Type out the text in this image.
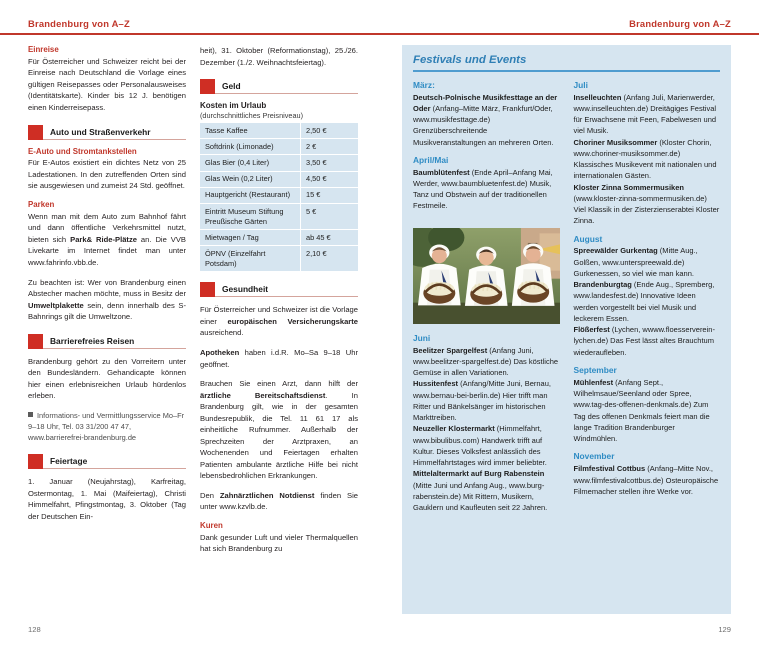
Brandenburg von A–Z
Einreise

Für Österreicher und Schweizer reicht bei der Einreise nach Deutschland die Vorlage eines gültigen Reisepasses oder Personalausweises (Identitätskarte). Kinder bis 12 J. benötigen einen Kinderreisepass.

Auto und Straßenverkehr
E-Auto und Stromtankstellen

Für E-Autos existiert ein dichtes Netz von 25 Ladestationen. In den zutreffenden Orten sind sie ausgewiesen und zumeist 24 Std. geöffnet.

Parken

Wenn man mit dem Auto zum Bahnhof fährt und dann öffentliche Verkehrsmittel nutzt, bieten sich Park& Ride-Plätze an. Die VVB Livekarte im Internet findet man unter www.fahrinfo.vbb.de.

Zu beachten ist: Wer von Brandenburg einen Abstecher machen möchte, muss in Besitz der Umweltplakette sein, denn innerhalb des S-Bahnrings gilt die Umweltzone.

Barrierefreies Reisen

Brandenburg gehört zu den Vorreitern unter den Bundesländern. Gehandicapte können hier einen erlebnisreichen Urlaub hürdenlos erleben.

Informations- und Vermittlungsservice Mo–Fr 9–18 Uhr, Tel. 03 31/200 47 47, www.barrierefrei-brandenburg.de

Feiertage

1. Januar (Neujahrstag), Karfreitag, Ostermontag, 1. Mai (Maifeiertag), Christi Himmelfahrt, Pfingstmontag, 3. Oktober (Tag der Deutschen Ein-

heit), 31. Oktober (Reformationstag), 25./26. Dezember (1./2. Weihnachtsfeiertag).

Geld
Kosten im Urlaub
(durchschnittliches Preisniveau)
Tasse Kaffee	2,50 €
Softdrink (Limonade)	2 €
Glas Bier (0,4 Liter)	3,50 €
Glas Wein (0,2 Liter)	4,50 €
Hauptgericht (Restaurant)	15 €
Eintritt Museum Stiftung Preußische Gärten	5 €
Mietwagen / Tag	ab 45 €
ÖPNV (Einzelfahrt Potsdam)	2,10 €
Gesundheit

Für Österreicher und Schweizer ist die Vorlage einer europäischen Versicherungskarte ausreichend.

Apotheken haben i.d.R. Mo–Sa 9–18 Uhr geöffnet.

Brauchen Sie einen Arzt, dann hilft der ärztliche Bereitschaftsdienst. In Brandenburg gilt, wie in der gesamten Bundesrepublik, die Tel. 11 61 17 als einheitliche Rufnummer. Außerhalb der Sprechzeiten der Arztpraxen, an Wochenenden und Feiertagen erhalten Patienten ambulante ärztliche Hilfe bei nicht lebensbedrohlichen Erkrankungen.

Den Zahnärztlichen Notdienst finden Sie unter www.kzvlb.de.

Kuren

Dank gesunder Luft und vieler Thermalquellen hat sich Brandenburg zu

128
Brandenburg von A–Z
Festivals und Events
März:

Deutsch-Polnische Musikfesttage an der Oder (Anfang–Mitte März, Frankfurt/Oder, www.musikfesttage.de) Grenzüberschreitende Musikveranstaltungen an mehreren Orten.

April/Mai

Baumblütenfest (Ende April–Anfang Mai, Werder, www.baumbluetenfest.de) Musik, Tanz und Obstwein auf der traditionellen Festmeile.

Juni

Beelitzer Spargelfest (Anfang Juni, www.beelitzer-spargelfest.de) Das köstliche Gemüse in allen Variationen.

Hussitenfest (Anfang/Mitte Juni, Bernau, www.bernau-bei-berlin.de) Hier trifft man Ritter und Bänkelsänger im historischen Markttreiben.

Neuzeller Klostermarkt (Himmelfahrt, www.bibulibus.com) Handwerk trifft auf Kultur. Dieses Volksfest anlässlich des Himmelfahrtstages wird immer beliebter.

Mittelaltermarkt auf Burg Rabenstein (Mitte Juni und Anfang Aug., www.burg-rabenstein.de) Mit Rittern, Musikern, Gauklern und Kaufleuten seit 22 Jahren.

Juli

Inselleuchten (Anfang Juli, Marienwerder, www.inselleuchten.de) Dreitägiges Festival für Erwachsene mit Feen, Fabelwesen und viel Musik.

Choriner Musiksommer (Kloster Chorin, www.choriner-musiksommer.de) Klassisches Musikevent mit nationalen und internationalen Gästen.

Kloster Zinna Sommermusiken (www.kloster-zinna-sommermusiken.de) Viel Klassik in der Zisterzienserabtei Kloster Zinna.

August

Spreewälder Gurkentag (Mitte Aug., Golßen, www.unterspreewald.de) Gurkenessen, so viel wie man kann.

Brandenburgtag (Ende Aug., Spremberg, www.landesfest.de) Innovative Ideen werden vorgestellt bei viel Musik und leckerem Essen.

Flößerfest (Lychen, wwww.floesserverein-lychen.de) Das Fest lässt altes Brauchtum wiederaufleben.

September

Mühlenfest (Anfang Sept., Wilhelmsaue/Seenland oder Spree, www.tag-des-offenen-denkmals.de) Zum Tag des offenen Denkmals feiert man die lange Tradition Brandenburger Windmühlen.

November

Filmfestival Cottbus (Anfang–Mitte Nov., www.filmfestivalcottbus.de) Osteuropäische Filmemacher stellen ihre Werke vor.

129
